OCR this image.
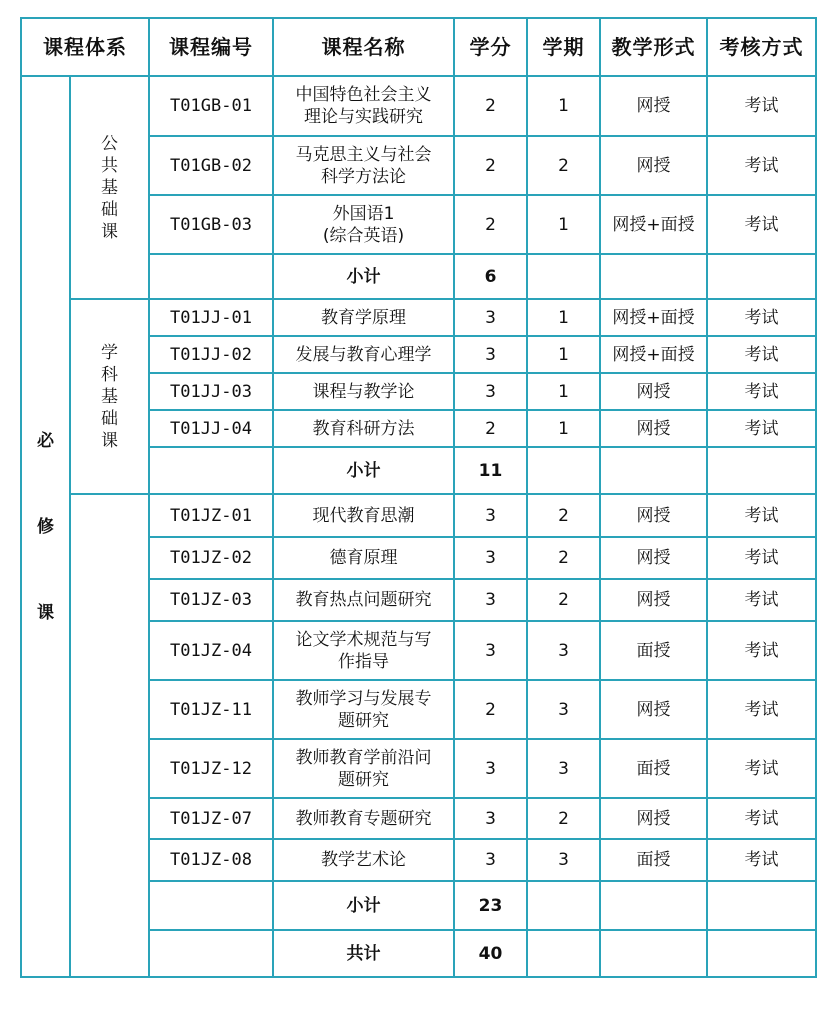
课程体系		课程编号	课程名称	学分	学期	教学形式	考核方式

必
修
课	公
共
基
础
课	T01GB-01	中国特色社会主义
理论与实践研究	2	1	网授	考试
		T01GB-02	马克思主义与社会
科学方法论	2	2	网授	考试
		T01GB-03	外国语1
(综合英语)	2	1	网授+面授	考试
			小计	6			

	学
科
基
础
课	T01JJ-01	教育学原理	3	1	网授+面授	考试
		T01JJ-02	发展与教育心理学	3	1	网授+面授	考试
		T01JJ-03	课程与教学论	3	1	网授	考试
		T01JJ-04	教育科研方法	2	1	网授	考试
			小计	11			
		T01JZ-01	现代教育思潮	3	2	网授	考试
		T01JZ-02	德育原理	3	2	网授	考试
		T01JZ-03	教育热点问题研究	3	2	网授	考试
		T01JZ-04	论文学术规范与写
作指导	3	3	面授	考试
		T01JZ-11	教师学习与发展专
题研究	2	3	网授	考试
		T01JZ-12	教师教育学前沿问
题研究	3	3	面授	考试
		T01JZ-07	教师教育专题研究	3	2	网授	考试
		T01JZ-08	教学艺术论	3	3	面授	考试
			小计	23			
			共计	40			
